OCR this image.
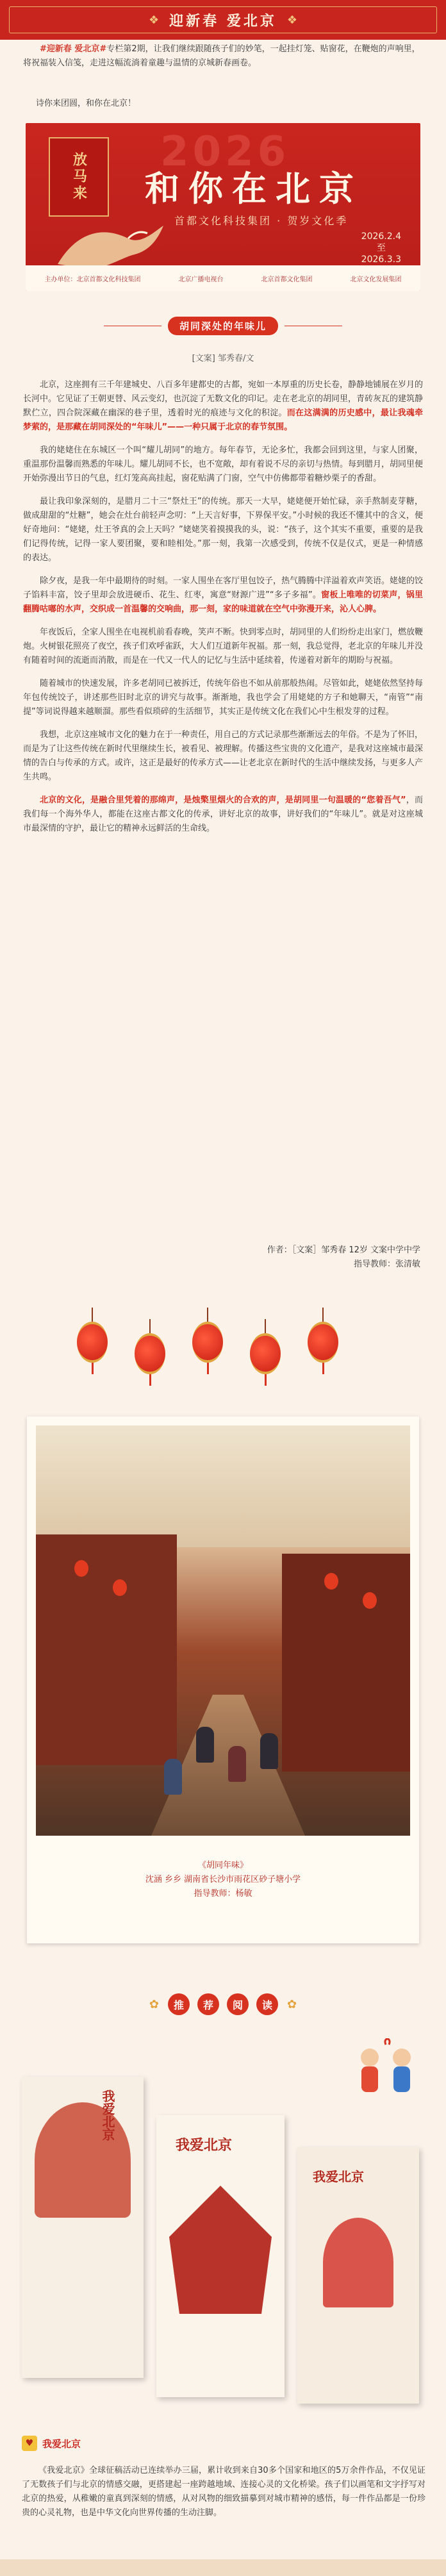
❖ 迎新春 爱北京 ❖
#迎新春 爱北京#专栏第2期，让我们继续跟随孩子们的妙笔，一起挂灯笼、贴窗花，在鞭炮的声响里，将祝福装入信笺，走进这幅流淌着童趣与温情的京城新春画卷。
诗你来团圆，和你在北京！
放马来	2026
和你在北京
首都文化科技集团 · 贺岁文化季
2026.2.4
至
2026.3.3
主办单位：北京首都文化科技集团	北京广播电视台	北京首都文化集团	北京文化发展集团
胡同深处的年味儿
[文案] 邹秀春/文

北京，这座拥有三千年建城史、八百多年建都史的古都，宛如一本厚重的历史长卷，静静地铺展在岁月的长河中。它见证了王朝更替、风云变幻，也沉淀了无数文化的印记。走在老北京的胡同里，青砖灰瓦的建筑静默伫立，四合院深藏在幽深的巷子里，透着时光的痕迹与文化的积淀。而在这满满的历史感中，最让我魂牵梦萦的，是那藏在胡同深处的“年味儿”——一种只属于北京的春节氛围。

我的姥姥住在东城区一个叫“耀儿胡同”的地方。每年春节，无论多忙，我都会回到这里，与家人团聚，重温那份温馨而熟悉的年味儿。耀儿胡同不长，也不宽敞，却有着说不尽的亲切与热情。每到腊月，胡同里便开始弥漫出节日的气息，红灯笼高高挂起，窗花贴满了门窗，空气中仿佛都带着糖炒栗子的香甜。

最让我印象深刻的，是腊月二十三“祭灶王”的传统。那天一大早，姥姥便开始忙碌，亲手熬制麦芽糖，做成甜甜的“灶糖”，她会在灶台前轻声念叨：“上天言好事，下界保平安。”小时候的我还不懂其中的含义，便好奇地问：“姥姥，灶王爷真的会上天吗？”姥姥笑着摸摸我的头，说：“孩子，这个其实不重要，重要的是我们记得传统，记得一家人要团聚，要和睦相处。”那一刻，我第一次感受到，传统不仅是仪式，更是一种情感的表达。

除夕夜，是我一年中最期待的时刻。一家人围坐在客厅里包饺子，热气腾腾中洋溢着欢声笑语。姥姥的饺子馅料丰富，饺子里却会放进硬币、花生、红枣，寓意“财源广进”“多子多福”。窗板上唯唯的切菜声，锅里翻腾咕嘟的水声，交织成一首温馨的交响曲，那一刻，家的味道就在空气中弥漫开来，沁人心脾。

年夜饭后，全家人围坐在电视机前看春晚，笑声不断。快到零点时，胡同里的人们纷纷走出家门，燃放鞭炮。火树银花照亮了夜空，孩子们欢呼雀跃，大人们互道新年祝福。那一刻，我总觉得，老北京的年味儿并没有随着时间的流逝而消散，而是在一代又一代人的记忆与生活中延续着，传递着对新年的期盼与祝福。

随着城市的快速发展，许多老胡同已被拆迁，传统年俗也不如从前那般热闹。尽管如此，姥姥依然坚持每年包传统饺子，讲述那些旧时北京的讲究与故事。渐渐地，我也学会了用姥姥的方子和她聊天，“南管”“南提”等词说得越来越顺溜。那些看似琐碎的生活细节，其实正是传统文化在我们心中生根发芽的过程。

我想，北京这座城市文化的魅力在于一种责任，用自己的方式记录那些渐渐远去的年俗。不是为了怀旧，而是为了让这些传统在新时代里继续生长，被看见、被理解。传播这些宝贵的文化遗产，是我对这座城市最深情的告白与传承的方式。或许，这正是最好的传承方式——让老北京在新时代的生活中继续发扬，与更多人产生共鸣。

北京的文化，是融合里凭着的那绵声，是烛檠里烟火的合欢的声，是胡同里一句温暖的“您着吾气”，而我们每一个海外华人，都能在这座古都文化的传承，讲好北京的故事，讲好我们的“年味儿”。就是对这座城市最深情的守护，最让它的精神永远鲜活的生命线。

作者：［文案］邹秀春 12岁 文案中学中学
指导教师：张清敏
《胡同年味》
沈涵 乡乡 湖南省长沙市雨花区砂子塘小学
指导教师：杨敏
✿	推	荐	阅	读	✿
我爱北京
我爱北京
我爱北京
♥ 我爱北京
《我爱北京》全球征稿活动已连续举办三届，累计收到来自30多个国家和地区的5万余件作品，不仅见证了无数孩子们与北京的情感交融，更搭建起一座跨越地域、连接心灵的文化桥梁。孩子们以画笔和文字抒写对北京的热爱，从稚嫩的童真到深刻的情感，从对风物的细致描摹到对城市精神的感悟，每一件作品都是一份珍贵的心灵礼物，也是中华文化向世界传播的生动注脚。
